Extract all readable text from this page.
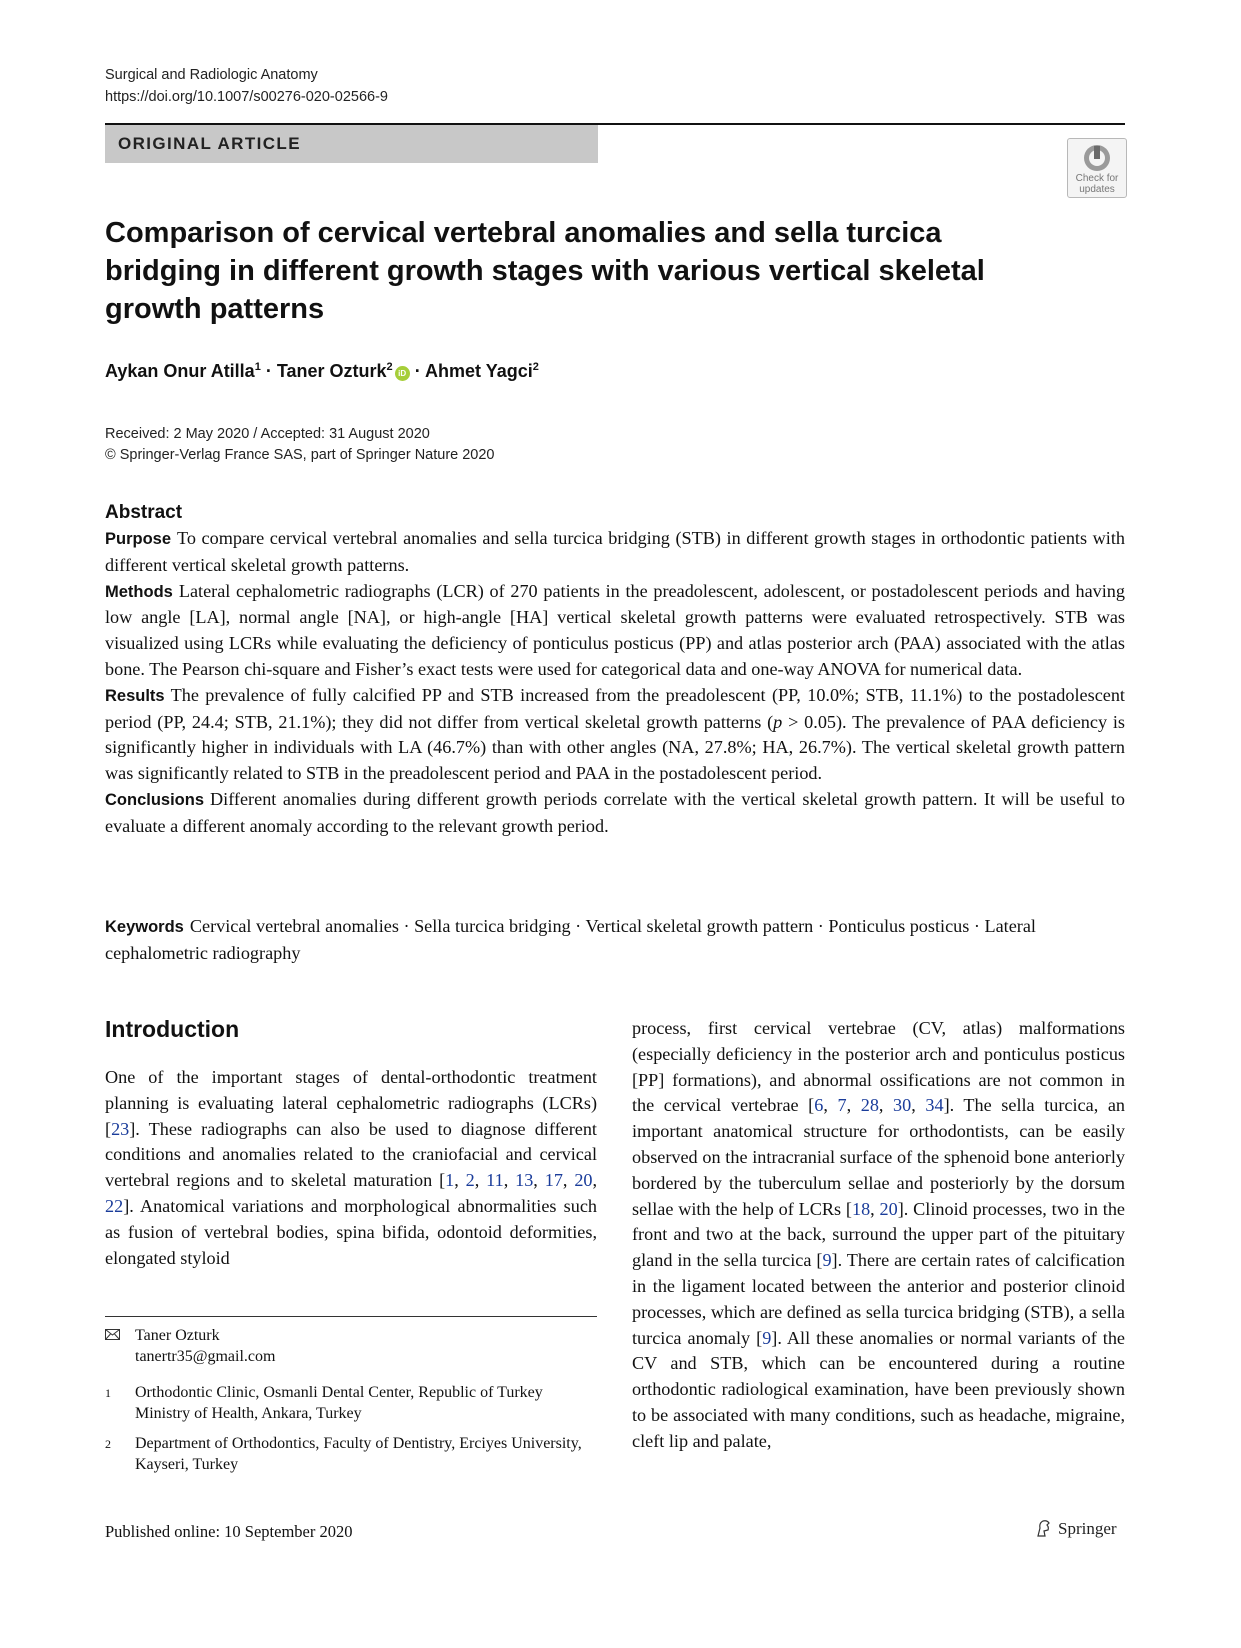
Surgical and Radiologic Anatomy
https://doi.org/10.1007/s00276-020-02566-9
ORIGINAL ARTICLE
Check for
updates
Comparison of cervical vertebral anomalies and sella turcica bridging in different growth stages with various vertical skeletal growth patterns
Aykan Onur Atilla$^1$ · Taner Ozturk$^2$iD · Ahmet Yagci$^2$
Received: 2 May 2020 / Accepted: 31 August 2020
© Springer-Verlag France SAS, part of Springer Nature 2020
Abstract

Purpose To compare cervical vertebral anomalies and sella turcica bridging (STB) in different growth stages in orthodontic patients with different vertical skeletal growth patterns.

Methods Lateral cephalometric radiographs (LCR) of 270 patients in the preadolescent, adolescent, or postadolescent periods and having low angle [LA], normal angle [NA], or high-angle [HA] vertical skeletal growth patterns were evaluated retrospectively. STB was visualized using LCRs while evaluating the deficiency of ponticulus posticus (PP) and atlas posterior arch (PAA) associated with the atlas bone. The Pearson chi-square and Fisher’s exact tests were used for categorical data and one-way ANOVA for numerical data.

Results The prevalence of fully calcified PP and STB increased from the preadolescent (PP, 10.0%; STB, 11.1%) to the postadolescent period (PP, 24.4; STB, 21.1%); they did not differ from vertical skeletal growth patterns (p > 0.05). The prevalence of PAA deficiency is significantly higher in individuals with LA (46.7%) than with other angles (NA, 27.8%; HA, 26.7%). The vertical skeletal growth pattern was significantly related to STB in the preadolescent period and PAA in the postadolescent period.

Conclusions Different anomalies during different growth periods correlate with the vertical skeletal growth pattern. It will be useful to evaluate a different anomaly according to the relevant growth period.

Keywords Cervical vertebral anomalies · Sella turcica bridging · Vertical skeletal growth pattern · Ponticulus posticus · Lateral cephalometric radiography
Introduction
One of the important stages of dental-orthodontic treatment planning is evaluating lateral cephalometric radiographs (LCRs) [23]. These radiographs can also be used to diagnose different conditions and anomalies related to the craniofacial and cervical vertebral regions and to skeletal maturation [1, 2, 11, 13, 17, 20, 22]. Anatomical variations and morphological abnormalities such as fusion of vertebral bodies, spina bifida, odontoid deformities, elongated styloid
process, first cervical vertebrae (CV, atlas) malformations (especially deficiency in the posterior arch and ponticulus posticus [PP] formations), and abnormal ossifications are not common in the cervical vertebrae [6, 7, 28, 30, 34]. The sella turcica, an important anatomical structure for orthodontists, can be easily observed on the intracranial surface of the sphenoid bone anteriorly bordered by the tuberculum sellae and posteriorly by the dorsum sellae with the help of LCRs [18, 20]. Clinoid processes, two in the front and two at the back, surround the upper part of the pituitary gland in the sella turcica [9]. There are certain rates of calcification in the ligament located between the anterior and posterior clinoid processes, which are defined as sella turcica bridging (STB), a sella turcica anomaly [9]. All these anomalies or normal variants of the CV and STB, which can be encountered during a routine orthodontic radiological examination, have been previously shown to be associated with many conditions, such as headache, migraine, cleft lip and palate,
Taner Ozturk
tanertr35@gmail.com
1 Orthodontic Clinic, Osmanli Dental Center, Republic of Turkey Ministry of Health, Ankara, Turkey
2 Department of Orthodontics, Faculty of Dentistry, Erciyes University, Kayseri, Turkey
Published online: 10 September 2020	Springer
